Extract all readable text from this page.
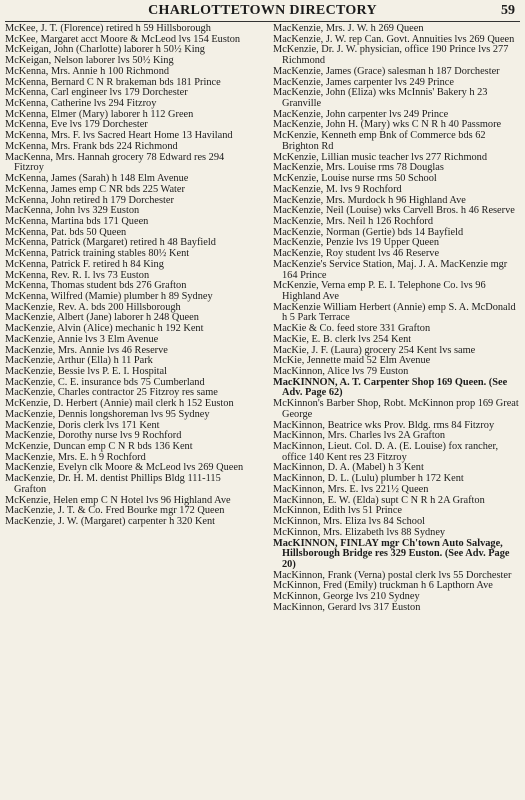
CHARLOTTETOWN DIRECTORY	59
McKee, J. T. (Florence) retired h 59 Hillsborough
McKee, Margaret acct Moore & McLeod lvs 154 Euston
McKeigan, John (Charlotte) laborer h 50½ King
McKeigan, Nelson laborer lvs 50½ King
McKenna, Mrs. Annie h 100 Richmond
McKenna, Bernard C N R brakeman bds 181 Prince
McKenna, Carl engineer lvs 179 Dorchester
McKenna, Catherine lvs 294 Fitzroy
McKenna, Elmer (Mary) laborer h 112 Green
McKenna, Eve lvs 179 Dorchester
McKenna, Mrs. F. lvs Sacred Heart Home 13 Haviland
McKenna, Mrs. Frank bds 224 Richmond
MacKenna, Mrs. Hannah grocery 78 Edward res 294 Fitzroy
McKenna, James (Sarah) h 148 Elm Avenue
McKenna, James emp C NR bds 225 Water
McKenna, John retired h 179 Dorchester
MacKenna, John lvs 329 Euston
McKenna, Martina bds 171 Queen
McKenna, Pat. bds 50 Queen
McKenna, Patrick (Margaret) retired h 48 Bayfield
McKenna, Patrick training stables 80½ Kent
McKenna, Patrick F. retired h 84 King
McKenna, Rev. R. I. lvs 73 Euston
McKenna, Thomas student bds 276 Grafton
McKenna, Wilfred (Mamie) plumber h 89 Sydney
MacKenzie, Rev. A. bds 200 Hillsborough
MacKenzie, Albert (Jane) laborer h 248 Queen
MacKenzie, Alvin (Alice) mechanic h 192 Kent
MacKenzie, Annie lvs 3 Elm Avenue
MacKenzie, Mrs. Annie lvs 46 Reserve
MacKenzie, Arthur (Ella) h 11 Park
MacKenzie, Bessie lvs P. E. I. Hospital
MacKenzie, C. E. insurance bds 75 Cumberland
MacKenzie, Charles contractor 25 Fitzroy res same
McKenzie, D. Herbert (Annie) mail clerk h 152 Euston
MacKenzie, Dennis longshoreman lvs 95 Sydney
MacKenzie, Doris clerk lvs 171 Kent
MacKenzie, Dorothy nurse lvs 9 Rochford
McKenzie, Duncan emp C N R bds 136 Kent
MacKenzie, Mrs. E. h 9 Rochford
MacKenzie, Evelyn clk Moore & McLeod lvs 269 Queen
MacKenzie, Dr. H. M. dentist Phillips Bldg 111-115 Grafton
McKenzie, Helen emp C N Hotel lvs 96 Highland Ave
MacKenzie, J. T. & Co. Fred Bourke mgr 172 Queen
MacKenzie, J. W. (Margaret) carpenter h 320 Kent
MacKenzie, Mrs. J. W. h 269 Queen
MacKenzie, J. W. rep Can. Govt. Annuities lvs 269 Queen
McKenzie, Dr. J. W. physician, office 190 Prince lvs 277 Richmond
MacKenzie, James (Grace) salesman h 187 Dorchester
MacKenzie, James carpenter lvs 249 Prince
MacKenzie, John (Eliza) wks McInnis' Bakery h 23 Granville
MacKenzie, John carpenter lvs 249 Prince
MacKenzie, John H. (Mary) wks C N R h 40 Passmore
McKenzie, Kenneth emp Bnk of Commerce bds 62 Brighton Rd
McKenzie, Lillian music teacher lvs 277 Richmond
MacKenzie, Mrs. Louise rms 78 Douglas
McKenzie, Louise nurse rms 50 School
MacKenzie, M. lvs 9 Rochford
MacKenzie, Mrs. Murdock h 96 Highland Ave
MacKenzie, Neil (Louise) wks Carvell Bros. h 46 Reserve
MacKenzie, Mrs. Neil h 126 Rochford
MacKenzie, Norman (Gertie) bds 14 Bayfield
MacKenzie, Penzie lvs 19 Upper Queen
MacKenzie, Roy student lvs 46 Reserve
MacKenzie's Service Station, Maj. J. A. MacKenzie mgr 164 Prince
McKenzie, Verna emp P. E. I. Telephone Co. lvs 96 Highland Ave
MacKenzie William Herbert (Annie) emp S. A. McDonald h 5 Park Terrace
MacKie & Co. feed store 331 Grafton
MacKie, E. B. clerk lvs 254 Kent
MacKie, J. F. (Laura) grocery 254 Kent lvs same
McKie, Jennette maid 52 Elm Avenue
MacKinnon, Alice lvs 79 Euston
MacKINNON, A. T. Carpenter Shop 169 Queen. (See Adv. Page 62)
McKinnon's Barber Shop, Robt. McKinnon prop 169 Great George
MacKinnon, Beatrice wks Prov. Bldg. rms 84 Fitzroy
MacKinnon, Mrs. Charles lvs 2A Grafton
MacKinnon, Lieut. Col. D. A. (E. Louise) fox rancher, office 140 Kent res 23 Fitzroy
MacKinnon, D. A. (Mabel) h 3 Kent
MacKinnon, D. L. (Lulu) plumber h 172 Kent
MacKinnon, Mrs. E. lvs 221½ Queen
MacKinnon, E. W. (Elda) supt C N R h 2A Grafton
McKinnon, Edith lvs 51 Prince
McKinnon, Mrs. Eliza lvs 84 School
McKinnon, Mrs. Elizabeth lvs 88 Sydney
MacKINNON, FINLAY mgr Ch'town Auto Salvage, Hillsborough Bridge res 329 Euston. (See Adv. Page 20)
MacKinnon, Frank (Verna) postal clerk lvs 55 Dorchester
McKinnon, Fred (Emily) truckman h 6 Lapthorn Ave
McKinnon, George lvs 210 Sydney
MacKinnon, Gerard lvs 317 Euston
